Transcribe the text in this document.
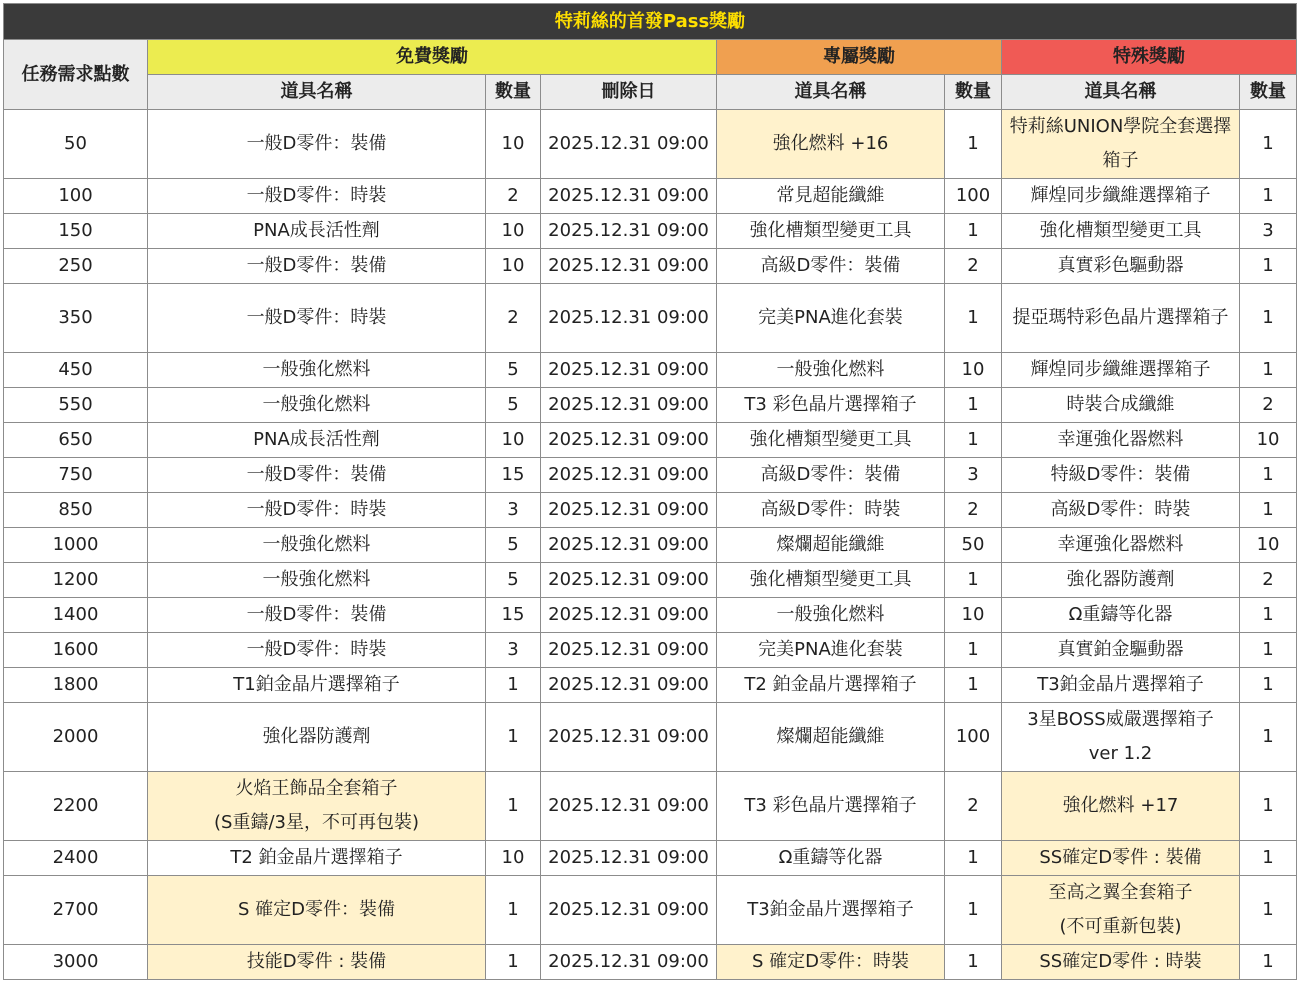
特莉絲的首發Pass獎勵							
任務需求點數	免費獎勵			專屬獎勵		特殊獎勵	
	道具名稱	數量	刪除日	道具名稱	數量	道具名稱	數量

50	一般D零件：裝備	10	2025.12.31 09:00	強化燃料 +16	1	特莉絲UNION學院全套選擇箱子	1

100	一般D零件：時裝	2	2025.12.31 09:00	常見超能纖維	100	輝煌同步纖維選擇箱子	1

150	PNA成長活性劑	10	2025.12.31 09:00	強化槽類型變更工具	1	強化槽類型變更工具	3

250	一般D零件：裝備	10	2025.12.31 09:00	高級D零件：裝備	2	真實彩色驅動器	1

350	一般D零件：時裝	2	2025.12.31 09:00	完美PNA進化套裝	1	提亞瑪特彩色晶片選擇箱子	1

450	一般強化燃料	5	2025.12.31 09:00	一般強化燃料	10	輝煌同步纖維選擇箱子	1

550	一般強化燃料	5	2025.12.31 09:00	T3 彩色晶片選擇箱子	1	時裝合成纖維	2

650	PNA成長活性劑	10	2025.12.31 09:00	強化槽類型變更工具	1	幸運強化器燃料	10

750	一般D零件：裝備	15	2025.12.31 09:00	高級D零件：裝備	3	特級D零件：裝備	1

850	一般D零件：時裝	3	2025.12.31 09:00	高級D零件：時裝	2	高級D零件：時裝	1

1000	一般強化燃料	5	2025.12.31 09:00	燦爛超能纖維	50	幸運強化器燃料	10

1200	一般強化燃料	5	2025.12.31 09:00	強化槽類型變更工具	1	強化器防護劑	2

1400	一般D零件：裝備	15	2025.12.31 09:00	一般強化燃料	10	Ω重鑄等化器	1

1600	一般D零件：時裝	3	2025.12.31 09:00	完美PNA進化套裝	1	真實鉑金驅動器	1

1800	T1鉑金晶片選擇箱子	1	2025.12.31 09:00	T2 鉑金晶片選擇箱子	1	T3鉑金晶片選擇箱子	1

2000	強化器防護劑	1	2025.12.31 09:00	燦爛超能纖維	100	3星BOSS威嚴選擇箱子
ver 1.2	1

2200	火焰王飾品全套箱子
(S重鑄/3星，不可再包裝)	1	2025.12.31 09:00	T3 彩色晶片選擇箱子	2	強化燃料 +17	1

2400	T2 鉑金晶片選擇箱子	10	2025.12.31 09:00	Ω重鑄等化器	1	SS確定D零件 : 裝備	1

2700	S 確定D零件：裝備	1	2025.12.31 09:00	T3鉑金晶片選擇箱子	1	至高之翼全套箱子
(不可重新包裝)	1

3000	技能D零件 : 裝備	1	2025.12.31 09:00	S 確定D零件：時裝	1	SS確定D零件 : 時裝	1
